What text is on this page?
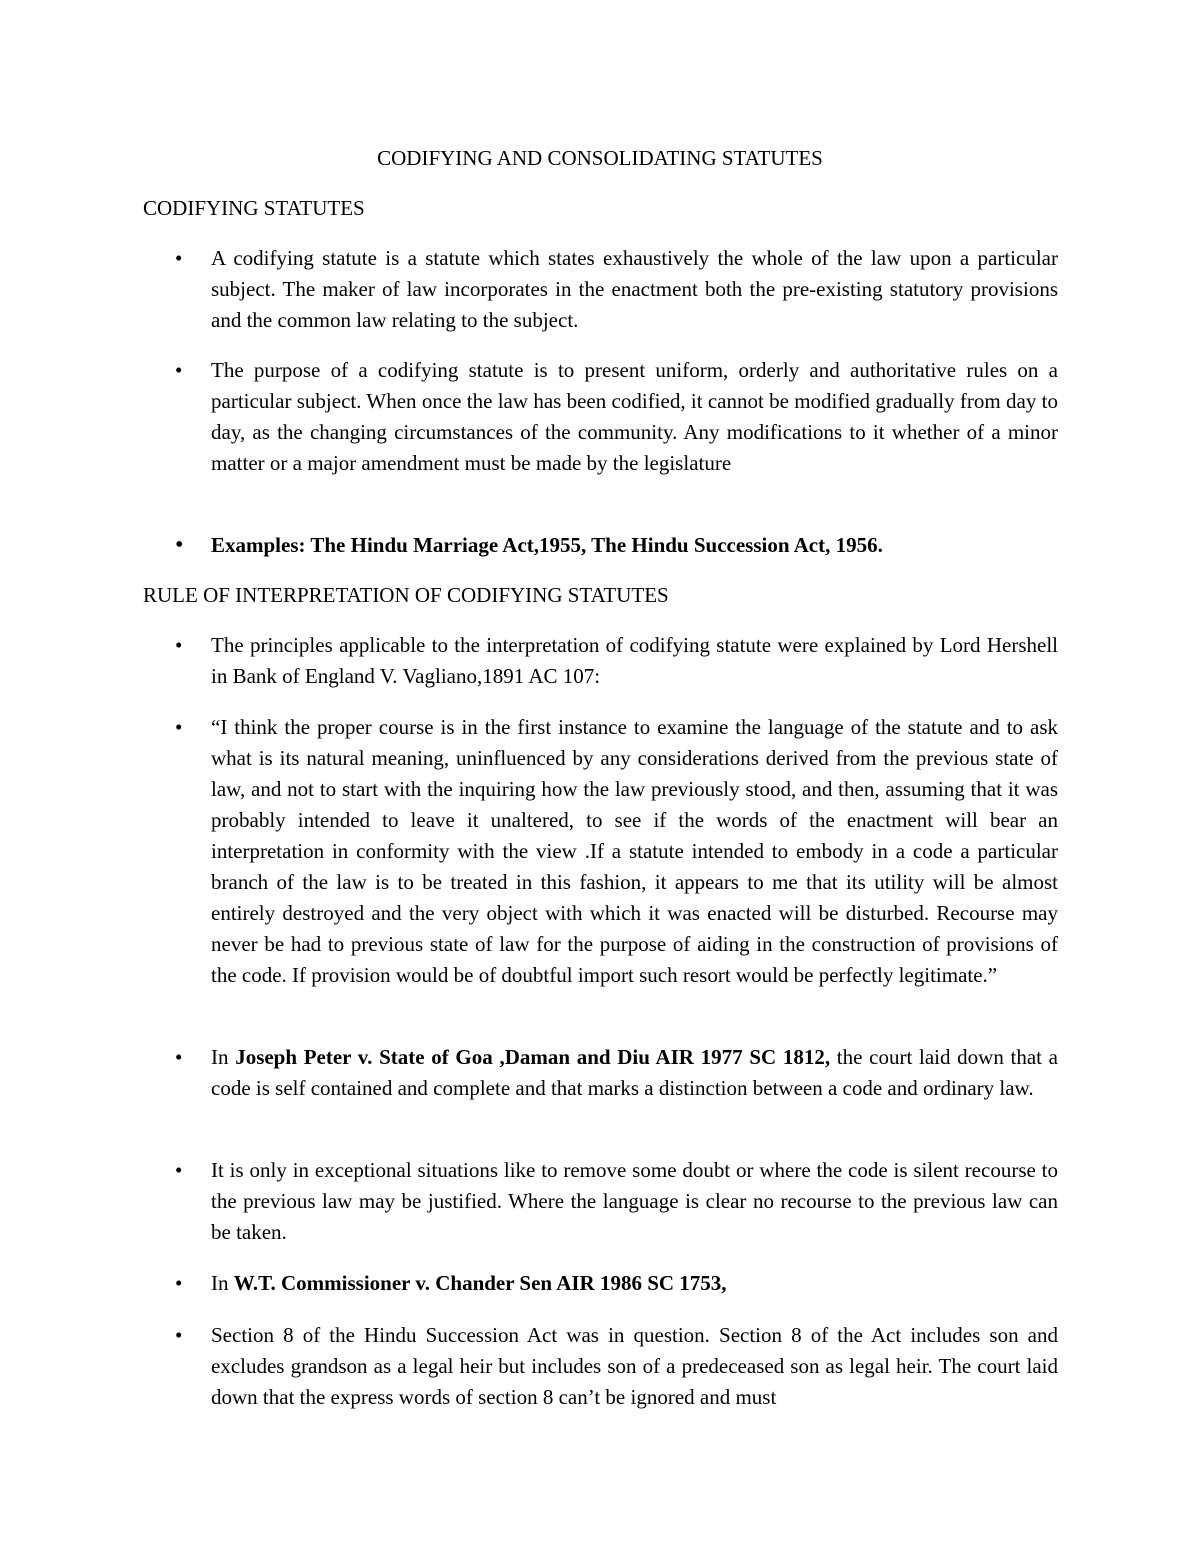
CODIFYING AND CONSOLIDATING STATUTES
CODIFYING STATUTES
•	A codifying statute is a statute which states exhaustively the whole of the law upon a particular subject. The maker of law incorporates in the enactment both the pre-existing statutory provisions and the common law relating to the subject.
•	The purpose of a codifying statute is to present uniform, orderly and authoritative rules on a particular subject. When once the law has been codified, it cannot be modified gradually from day to day, as the changing circumstances of the community. Any modifications to it whether of a minor matter or a major amendment must be made by the legislature
•	Examples: The Hindu Marriage Act,1955, The Hindu Succession Act, 1956.
RULE OF INTERPRETATION OF CODIFYING STATUTES
•	The principles applicable to the interpretation of codifying statute were explained by Lord Hershell in Bank of England V. Vagliano,1891 AC 107:
•	“I think the proper course is in the first instance to examine the language of the statute and to ask what is its natural meaning, uninfluenced by any considerations derived from the previous state of law, and not to start with the inquiring how the law previously stood, and then, assuming that it was probably intended to leave it unaltered, to see if the words of the enactment will bear an interpretation in conformity with the view .If a statute intended to embody in a code a particular branch of the law is to be treated in this fashion, it appears to me that its utility will be almost entirely destroyed and the very object with which it was enacted will be disturbed. Recourse may never be had to previous state of law for the purpose of aiding in the construction of provisions of the code. If provision would be of doubtful import such resort would be perfectly legitimate.”
•	In Joseph Peter v. State of Goa ,Daman and Diu AIR 1977 SC 1812, the court laid down that a code is self contained and complete and that marks a distinction between a code and ordinary law.
•	It is only in exceptional situations like to remove some doubt or where the code is silent recourse to the previous law may be justified. Where the language is clear no recourse to the previous law can be taken.
•	In W.T. Commissioner v. Chander Sen AIR 1986 SC 1753,
•	Section 8 of the Hindu Succession Act was in question. Section 8 of the Act includes son and excludes grandson as a legal heir but includes son of a predeceased son as legal heir. The court laid down that the express words of section 8 can’t be ignored and must
